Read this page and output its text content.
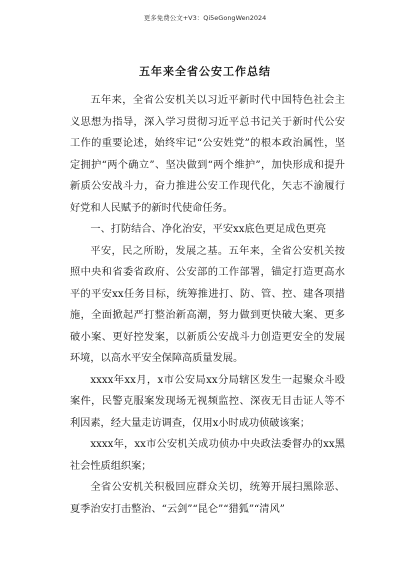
更多免费公文+V3：Qi5eGongWen2024
五年来全省公安工作总结

五年来，全省公安机关以习近平新时代中国特色社会主义思想为指导，深入学习贯彻习近平总书记关于新时代公安工作的重要论述，始终牢记“公安姓党”的根本政治属性，坚定拥护“两个确立”、坚决做到“两个维护”，加快形成和提升新质公安战斗力，奋力推进公安工作现代化，矢志不渝履行好党和人民赋予的新时代使命任务。

一、打防结合、净化治安，平安xx底色更足成色更亮

平安，民之所盼，发展之基。五年来，全省公安机关按照中央和省委省政府、公安部的工作部署，锚定打造更高水平的平安xx任务目标，统筹推进打、防、管、控、建各项措施，全面掀起严打整治新高潮，努力做到更快破大案、更多破小案、更好控发案，以新质公安战斗力创造更安全的发展环境，以高水平安全保障高质量发展。

xxxx年xx月，x市公安局xx分局辖区发生一起聚众斗殴案件，民警克服案发现场无视频监控、深夜无目击证人等不利因素，经大量走访调查，仅用x小时成功侦破该案；

xxxx年，xx市公安机关成功侦办中央政法委督办的xx黑社会性质组织案；

全省公安机关积极回应群众关切，统筹开展扫黑除恶、夏季治安打击整治、“云剑”“昆仑”“猎狐”“清风”
